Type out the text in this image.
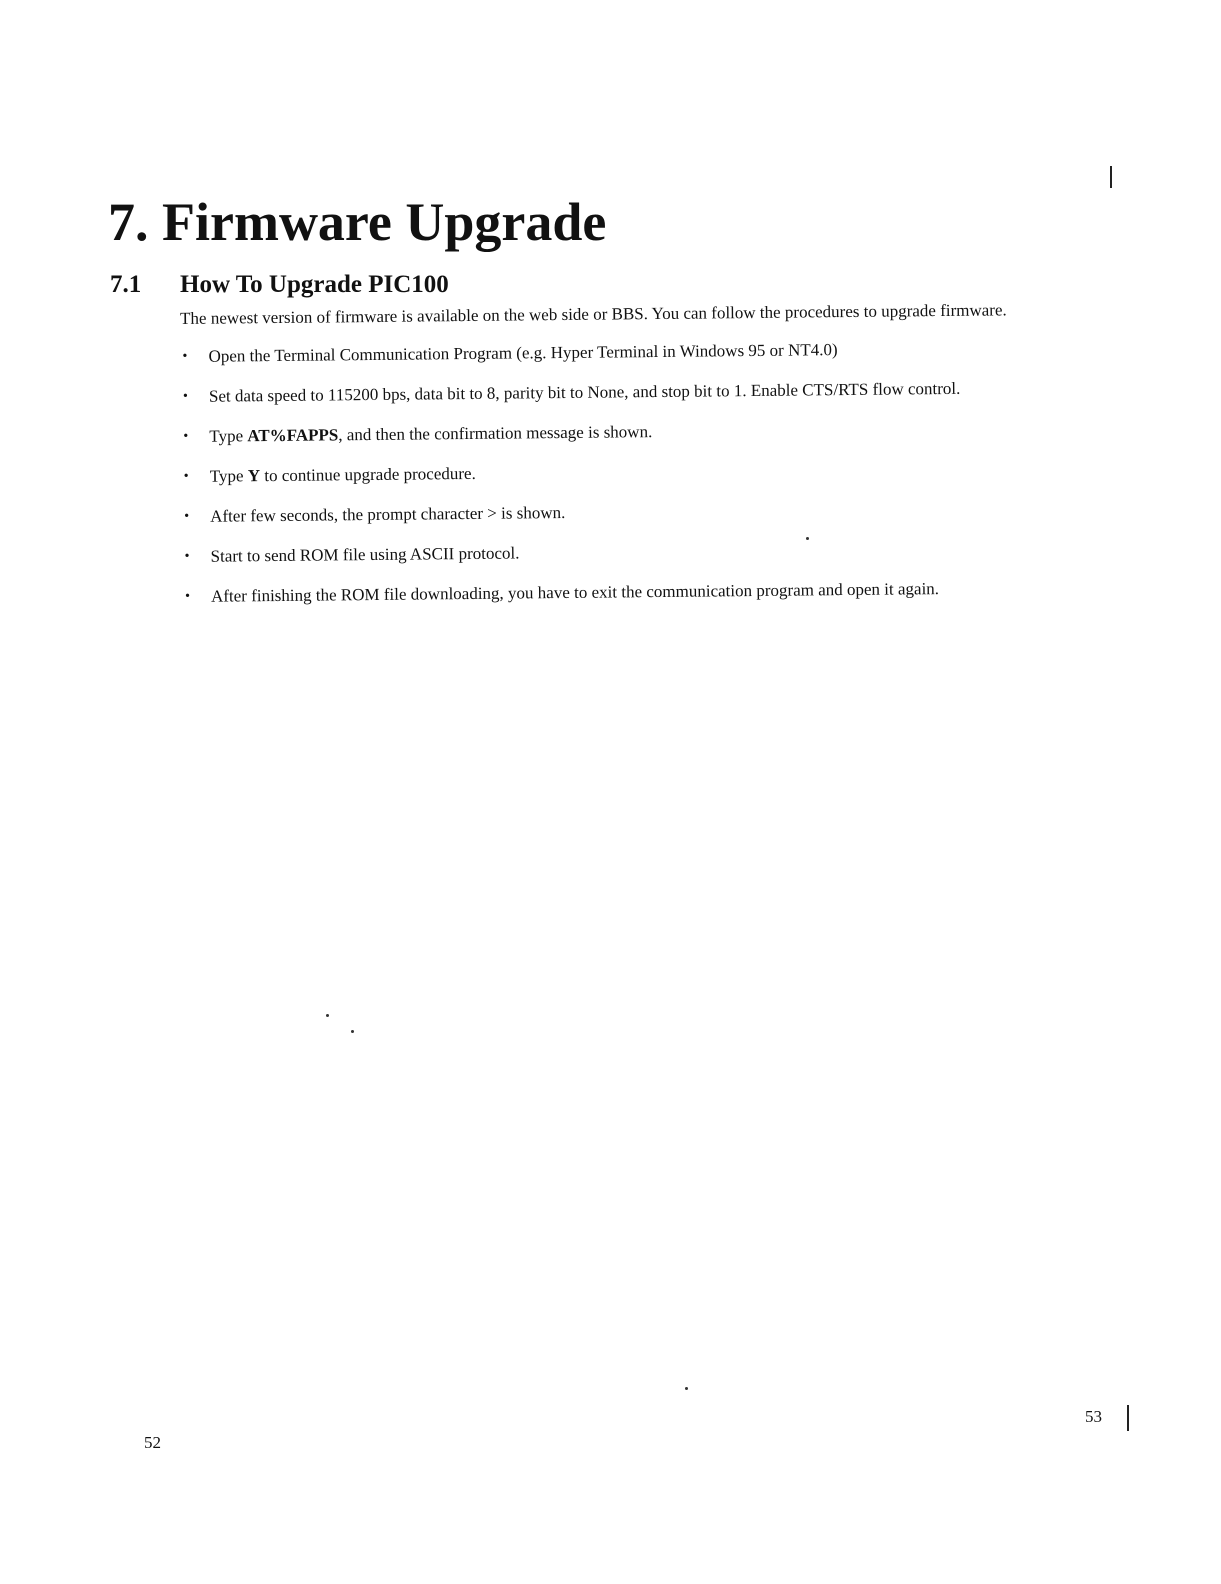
7. Firmware Upgrade
7.1 How To Upgrade PIC100

The newest version of firmware is available on the web side or BBS. You can follow the procedures to upgrade firmware.

• Open the Terminal Communication Program (e.g. Hyper Terminal in Windows 95 or NT4.0)
• Set data speed to 115200 bps, data bit to 8, parity bit to None, and stop bit to 1. Enable CTS/RTS flow control.
• Type AT%FAPPS, and then the confirmation message is shown.
• Type Y to continue upgrade procedure.
• After few seconds, the prompt character > is shown.
• Start to send ROM file using ASCII protocol.
• After finishing the ROM file downloading, you have to exit the communication program and open it again.
53
52
